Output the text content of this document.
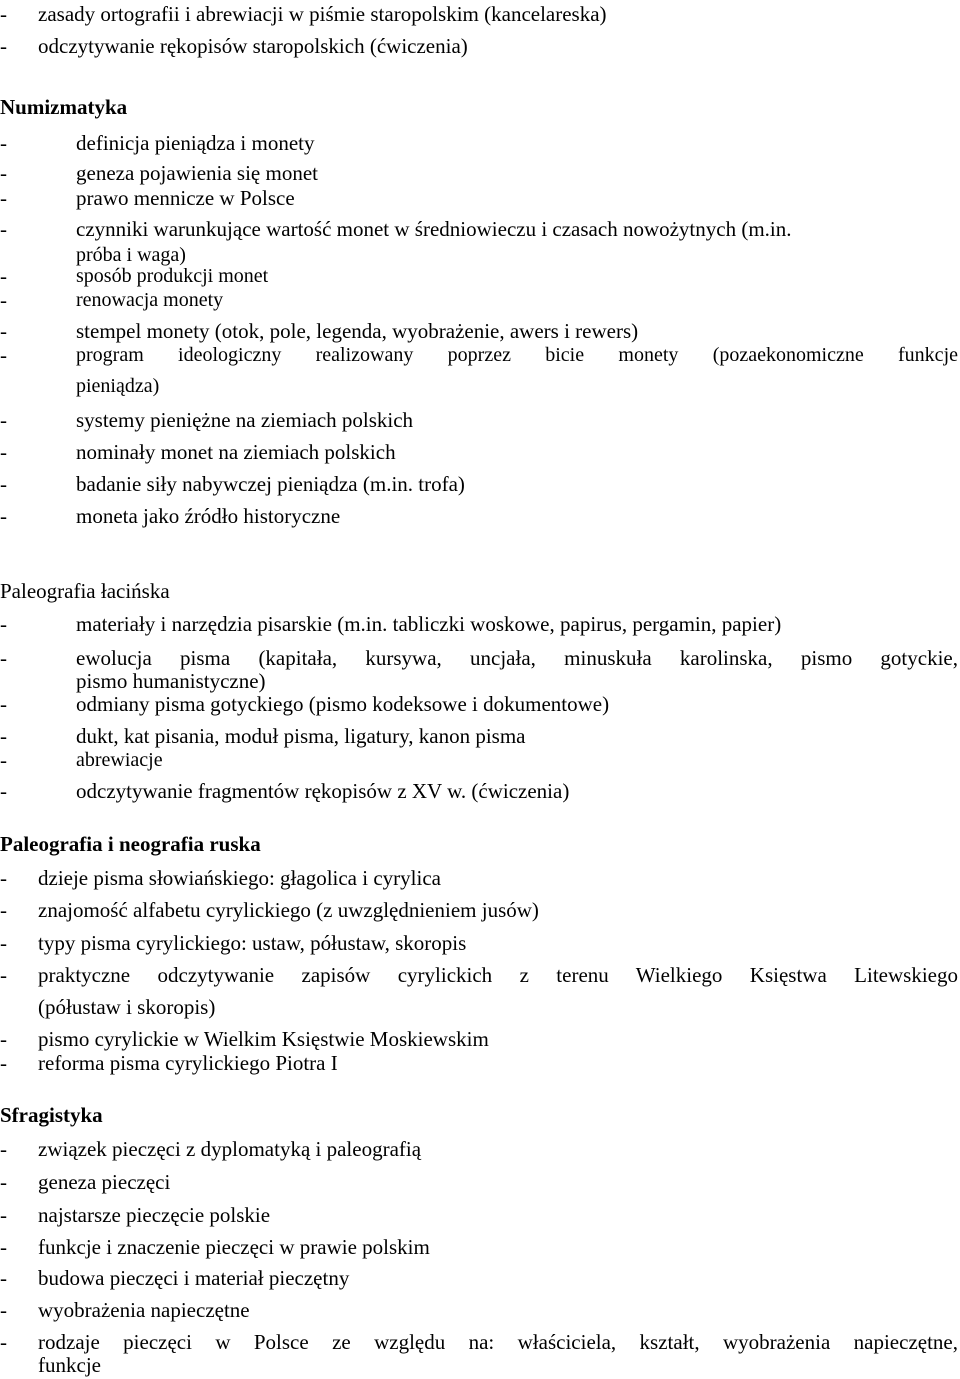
- zasady ortografii i abrewiacji w piśmie staropolskim (kancelareska)
- odczytywanie rękopisów staropolskich (ćwiczenia)
Numizmatyka
-	definicja pieniądza i monety
-	geneza pojawienia się monet
-	prawo mennicze w Polsce
-	czynniki warunkujące wartość monet w średniowieczu i czasach nowożytnych (m.in.
próba i waga)
-	sposób produkcji monet
-	renowacja monety
-	stempel monety (otok, pole, legenda, wyobrażenie, awers i rewers)
-	program ideologiczny realizowany poprzez bicie monety (pozaekonomiczne funkcje
pieniądza)
-	systemy pieniężne na ziemiach polskich
-	nominały monet na ziemiach polskich
-	badanie siły nabywczej pieniądza (m.in. trofa)
-	moneta jako źródło historyczne
Paleografia łacińska
-	materiały i narzędzia pisarskie (m.in. tabliczki woskowe, papirus, pergamin, papier)
-	ewolucja pisma (kapitała, kursywa, uncjała, minuskuła karolinska, pismo gotyckie,
pismo humanistyczne)
-	odmiany pisma gotyckiego (pismo kodeksowe i dokumentowe)
-	dukt, kat pisania, moduł pisma, ligatury, kanon pisma
-	abrewiacje
-	odczytywanie fragmentów rękopisów z XV w. (ćwiczenia)
Paleografia i neografia ruska
- dzieje pisma słowiańskiego: głagolica i cyrylica
- znajomość alfabetu cyrylickiego (z uwzględnieniem jusów)
- typy pisma cyrylickiego: ustaw, półustaw, skoropis
- praktyczne odczytywanie zapisów cyrylickich z terenu Wielkiego Księstwa Litewskiego
(półustaw i skoropis)
- pismo cyrylickie w Wielkim Księstwie Moskiewskim
- reforma pisma cyrylickiego Piotra I
Sfragistyka
- związek pieczęci z dyplomatyką i paleografią
- geneza pieczęci
- najstarsze pieczęcie polskie
- funkcje i znaczenie pieczęci w prawie polskim
- budowa pieczęci i materiał pieczętny
- wyobrażenia napieczętne
- rodzaje pieczęci w Polsce ze względu na: właściciela, kształt, wyobrażenia napieczętne,
funkcje
